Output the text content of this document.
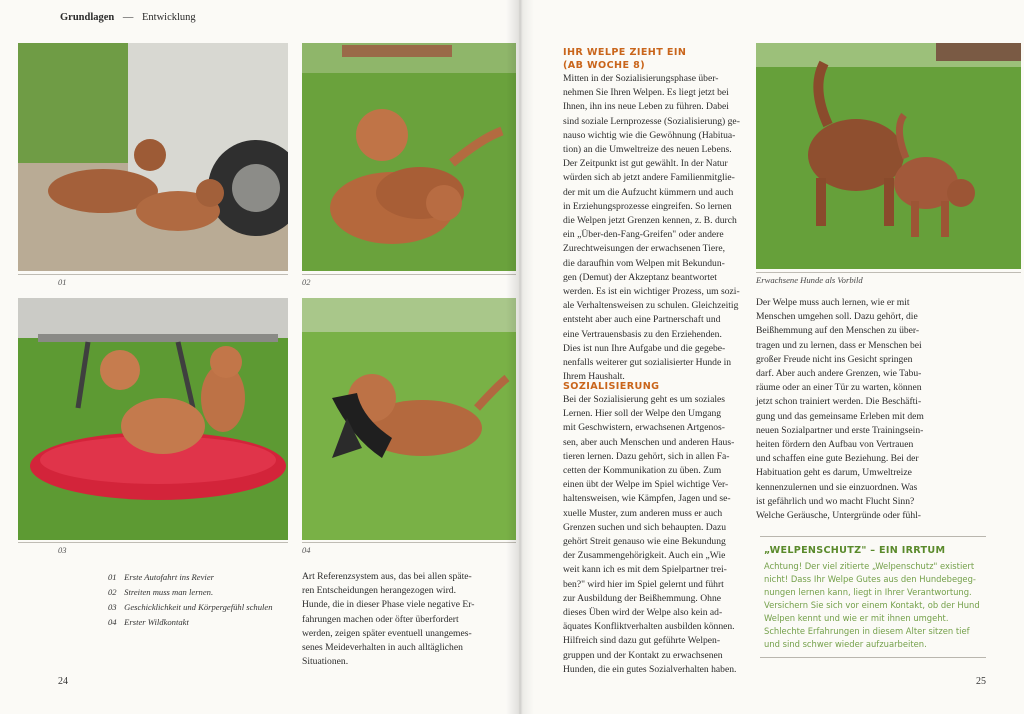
Grundlagen — Entwicklung
01	02
03	04
01 Erste Autofahrt ins Revier
02 Streiten muss man lernen.
03 Geschicklichkeit und Körpergefühl schulen
04 Erster Wildkontakt

Art Referenzsystem aus, das bei allen späte-

ren Entscheidungen herangezogen wird.

Hunde, die in dieser Phase viele negative Er-

fahrungen machen oder öfter überfordert

werden, zeigen später eventuell unangemes-

senes Meideverhalten in auch alltäglichen

Situationen.

24
IHR WELPE ZIEHT EIN
(AB WOCHE 8)

Mitten in der Sozialisierungsphase über-

nehmen Sie Ihren Welpen. Es liegt jetzt bei

Ihnen, ihn ins neue Leben zu führen. Dabei

sind soziale Lernprozesse (Sozialisierung) ge-

nauso wichtig wie die Gewöhnung (Habitua-

tion) an die Umweltreize des neuen Lebens.

Der Zeitpunkt ist gut gewählt. In der Natur

würden sich ab jetzt andere Familienmitglie-

der mit um die Aufzucht kümmern und auch

in Erziehungsprozesse eingreifen. So lernen

die Welpen jetzt Grenzen kennen, z. B. durch

ein „Über-den-Fang-Greifen" oder andere

Zurechtweisungen der erwachsenen Tiere,

die daraufhin vom Welpen mit Bekundun-

gen (Demut) der Akzeptanz beantwortet

werden. Es ist ein wichtiger Prozess, um sozi-

ale Verhaltensweisen zu schulen. Gleichzeitig

entsteht aber auch eine Partnerschaft und

eine Vertrauensbasis zu den Erziehenden.

Dies ist nun Ihre Aufgabe und die gegebe-

nenfalls weiterer gut sozialisierter Hunde in

Ihrem Haushalt.

SOZIALISIERUNG

Bei der Sozialisierung geht es um soziales

Lernen. Hier soll der Welpe den Umgang

mit Geschwistern, erwachsenen Artgenos-

sen, aber auch Menschen und anderen Haus-

tieren lernen. Dazu gehört, sich in allen Fa-

cetten der Kommunikation zu üben. Zum

einen übt der Welpe im Spiel wichtige Ver-

haltensweisen, wie Kämpfen, Jagen und se-

xuelle Muster, zum anderen muss er auch

Grenzen suchen und sich behaupten. Dazu

gehört Streit genauso wie eine Bekundung

der Zusammengehörigkeit. Auch ein „Wie

weit kann ich es mit dem Spielpartner trei-

ben?" wird hier im Spiel gelernt und führt

zur Ausbildung der Beißhemmung. Ohne

dieses Üben wird der Welpe also kein ad-

äquates Konfliktverhalten ausbilden können.

Hilfreich sind dazu gut geführte Welpen-

gruppen und der Kontakt zu erwachsenen

Hunden, die ein gutes Sozialverhalten haben.

Erwachsene Hunde als Vorbild

Der Welpe muss auch lernen, wie er mit

Menschen umgehen soll. Dazu gehört, die

Beißhemmung auf den Menschen zu über-

tragen und zu lernen, dass er Menschen bei

großer Freude nicht ins Gesicht springen

darf. Aber auch andere Grenzen, wie Tabu-

räume oder an einer Tür zu warten, können

jetzt schon trainiert werden. Die Beschäfti-

gung und das gemeinsame Erleben mit dem

neuen Sozialpartner und erste Trainingsein-

heiten fördern den Aufbau von Vertrauen

und schaffen eine gute Beziehung. Bei der

Habituation geht es darum, Umweltreize

kennenzulernen und sie einzuordnen. Was

ist gefährlich und wo macht Flucht Sinn?

Welche Geräusche, Untergründe oder fühl-

25
„WELPENSCHUTZ" – EIN IRRTUM
Achtung! Der viel zitierte „Welpenschutz" existiert
nicht! Dass Ihr Welpe Gutes aus den Hundebegeg-
nungen lernen kann, liegt in Ihrer Verantwortung.
Versichern Sie sich vor einem Kontakt, ob der Hund
Welpen kennt und wie er mit ihnen umgeht.
Schlechte Erfahrungen in diesem Alter sitzen tief
und sind schwer wieder aufzuarbeiten.
